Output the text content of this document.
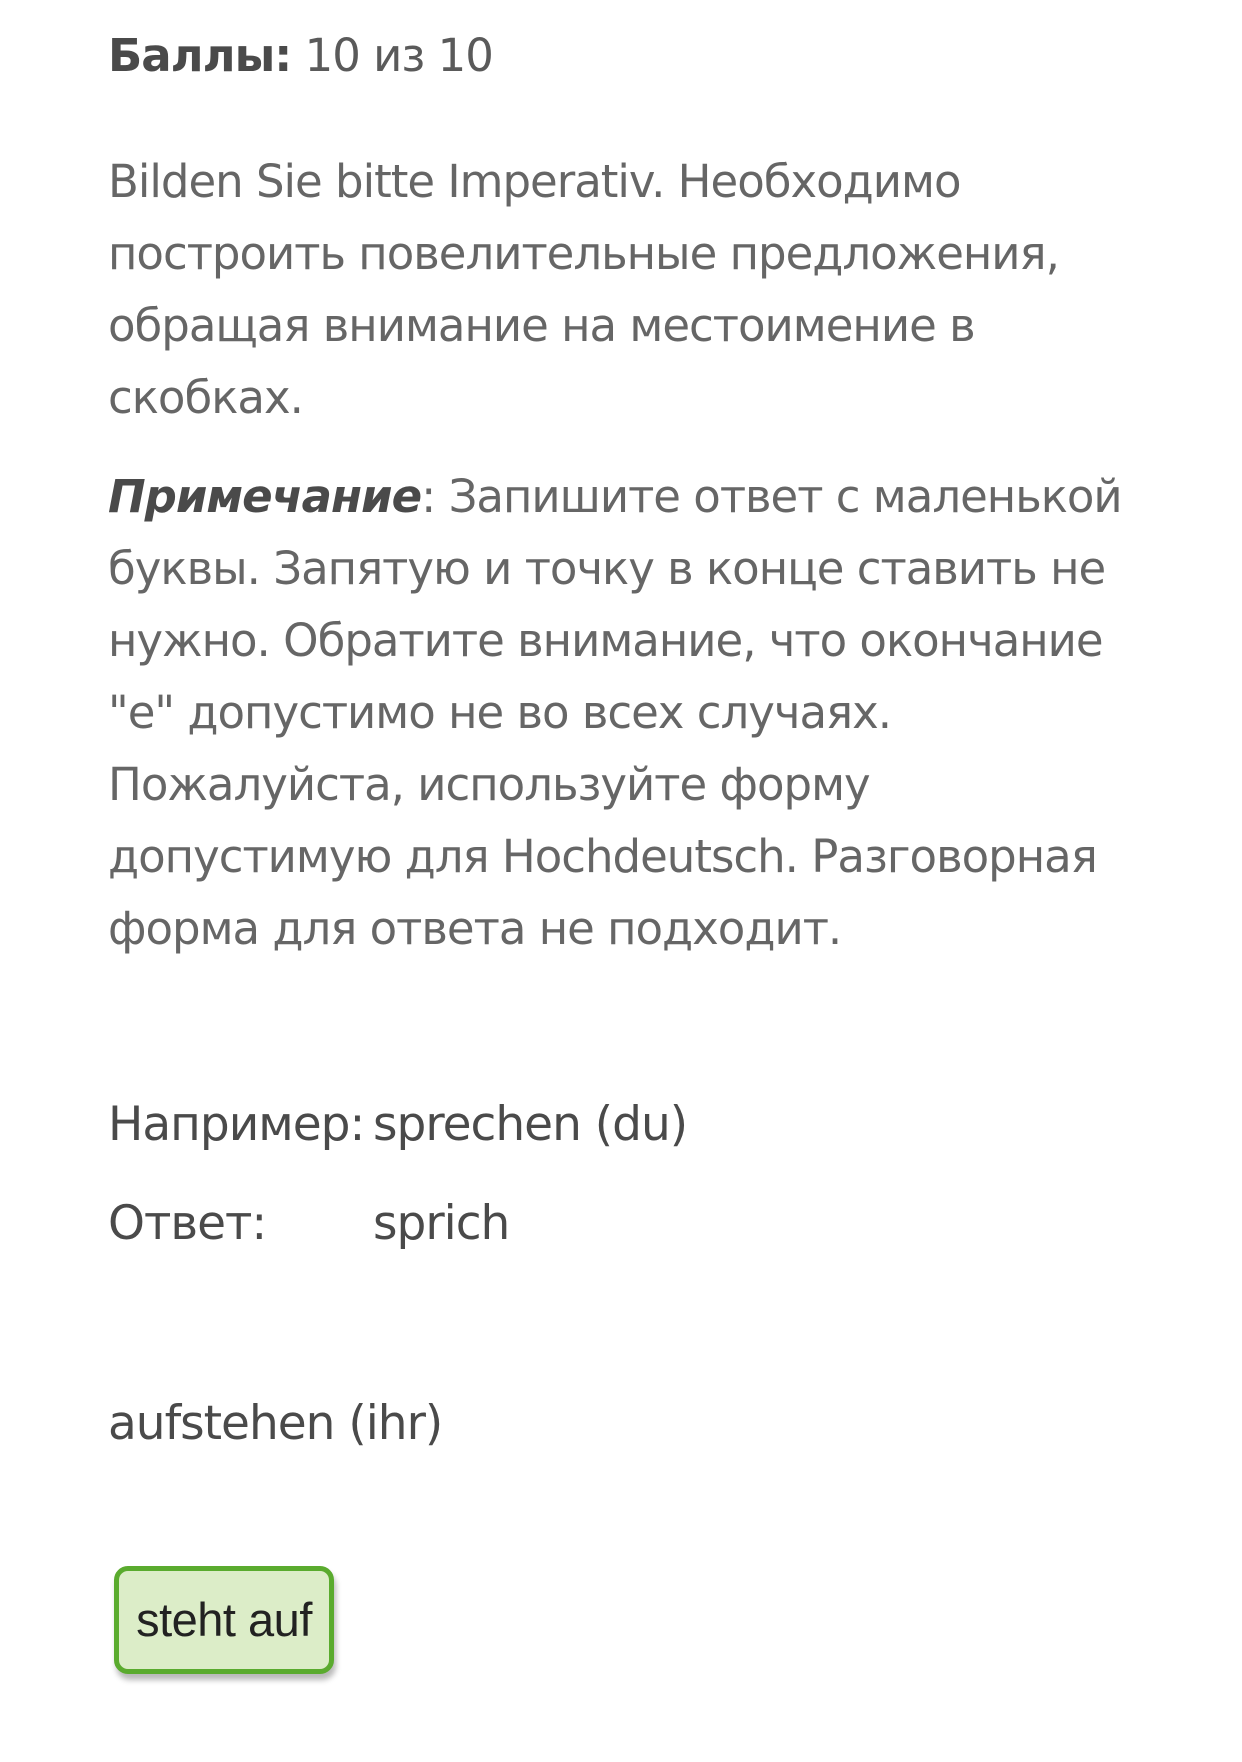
Баллы: 10 из 10

Bilden Sie bitte Imperativ. Необходимо построить повелительные предложения, обращая внимание на местоимение в скобках.

Примечание: Запишите ответ с маленькой буквы. Запятую и точку в конце ставить не нужно. Обратите внимание, что окончание "e" допустимо не во всех случаях. Пожалуйста, используйте форму допустимую для Hochdeutsch. Разговорная форма для ответа не подходит.

Например: sprechen (du)
Ответ: sprich
aufstehen (ihr)
steht auf
